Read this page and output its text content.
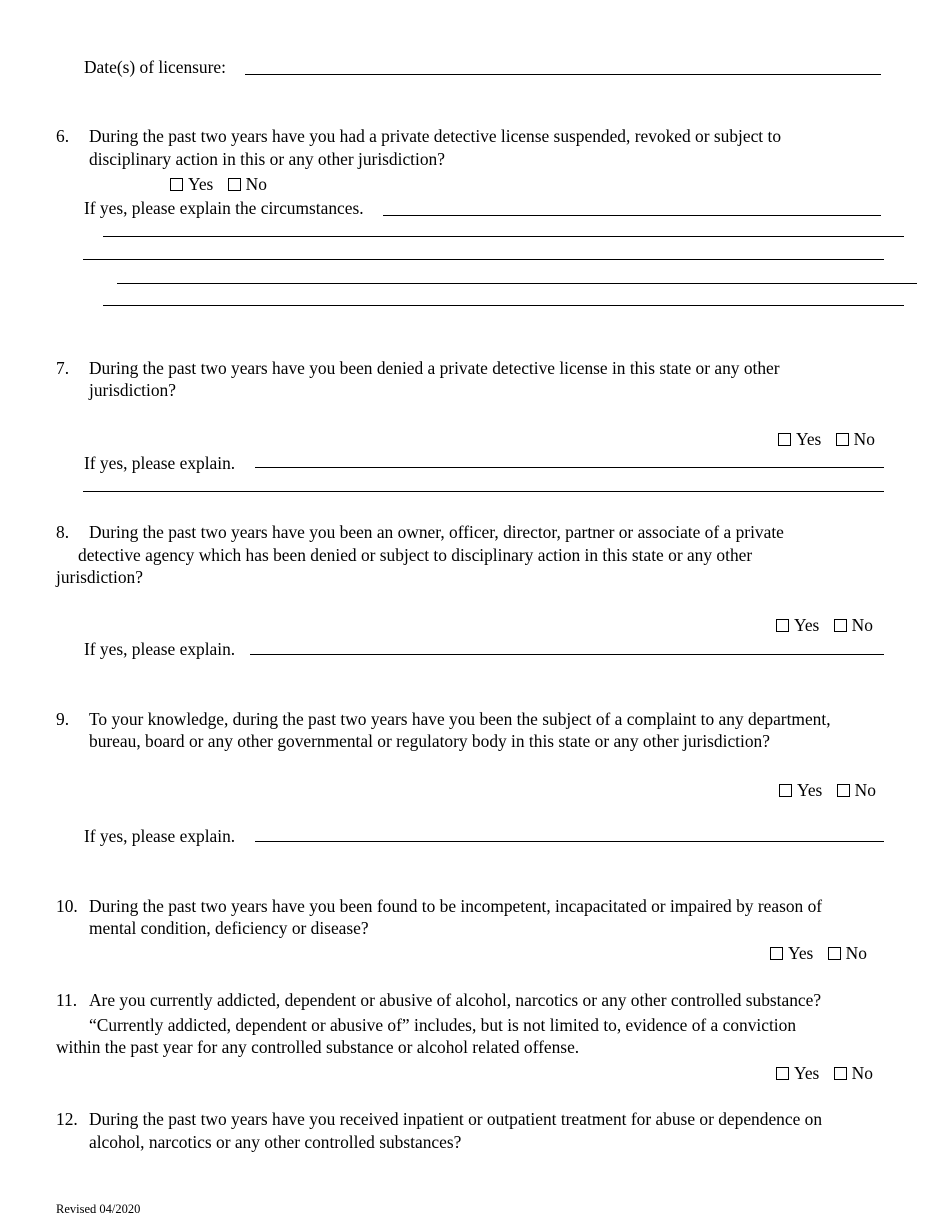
Date(s) of licensure:
6. During the past two years have you had a private detective license suspended, revoked or subject to
disciplinary action in this or any other jurisdiction?
Yes No
If yes, please explain the circumstances.
7. During the past two years have you been denied a private detective license in this state or any other
jurisdiction?
Yes No
If yes, please explain.
8. During the past two years have you been an owner, officer, director, partner or associate of a private
detective agency which has been denied or subject to disciplinary action in this state or any other
jurisdiction?
Yes No
If yes, please explain.
9. To your knowledge, during the past two years have you been the subject of a complaint to any department,
bureau, board or any other governmental or regulatory body in this state or any other jurisdiction?
Yes No
If yes, please explain.
10. During the past two years have you been found to be incompetent, incapacitated or impaired by reason of
mental condition, deficiency or disease?
Yes No
11. Are you currently addicted, dependent or abusive of alcohol, narcotics or any other controlled substance?
“Currently addicted, dependent or abusive of” includes, but is not limited to, evidence of a conviction
within the past year for any controlled substance or alcohol related offense.
Yes No
12. During the past two years have you received inpatient or outpatient treatment for abuse or dependence on
alcohol, narcotics or any other controlled substances?
Revised 04/2020
